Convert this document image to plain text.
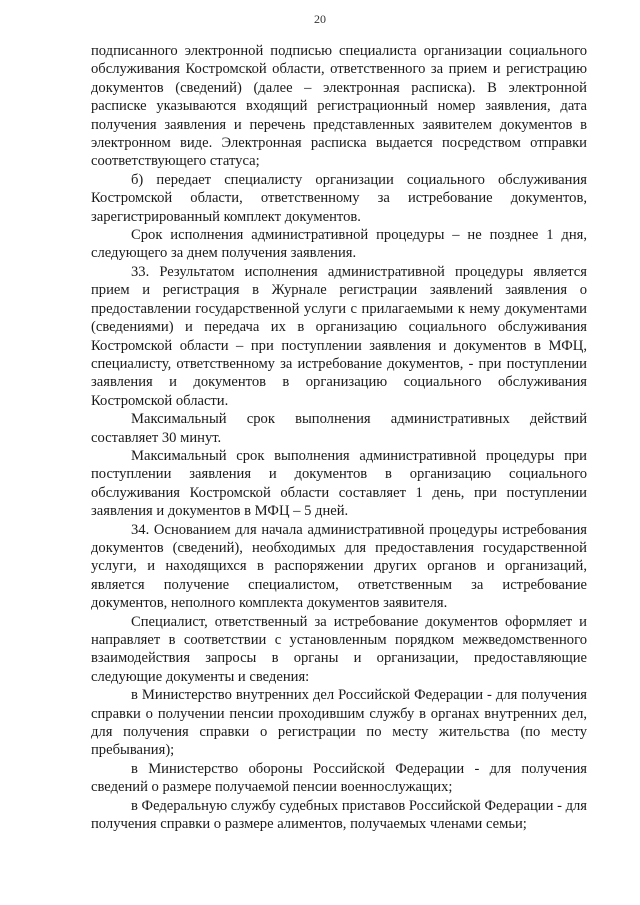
20

подписанного электронной подписью специалиста организации социального обслуживания Костромской области, ответственного за прием и регистрацию документов (сведений) (далее – электронная расписка). В электронной расписке указываются входящий регистрационный номер заявления, дата получения заявления и перечень представленных заявителем документов в электронном виде. Электронная расписка выдается посредством отправки соответствующего статуса;

б) передает специалисту организации социального обслуживания Костромской области, ответственному за истребование документов, зарегистрированный комплект документов.

Срок исполнения административной процедуры – не позднее 1 дня, следующего за днем получения заявления.

33. Результатом исполнения административной процедуры является прием и регистрация в Журнале регистрации заявлений заявления о предоставлении государственной услуги с прилагаемыми к нему документами (сведениями) и передача их в организацию социального обслуживания Костромской области – при поступлении заявления и документов в МФЦ, специалисту, ответственному за истребование документов, - при поступлении заявления и документов в организацию социального обслуживания Костромской области.

Максимальный срок выполнения административных действий составляет 30 минут.

Максимальный срок выполнения административной процедуры при поступлении заявления и документов в организацию социального обслуживания Костромской области составляет 1 день, при поступлении заявления и документов в МФЦ – 5 дней.

34. Основанием для начала административной процедуры истребования документов (сведений), необходимых для предоставления государственной услуги, и находящихся в распоряжении других органов и организаций, является получение специалистом, ответственным за истребование документов, неполного комплекта документов заявителя.

Специалист, ответственный за истребование документов оформляет и направляет в соответствии с установленным порядком межведомственного взаимодействия запросы в органы и организации, предоставляющие следующие документы и сведения:

в Министерство внутренних дел Российской Федерации - для получения справки о получении пенсии проходившим службу в органах внутренних дел, для получения справки о регистрации по месту жительства (по месту пребывания);

в Министерство обороны Российской Федерации - для получения сведений о размере получаемой пенсии военнослужащих;

в Федеральную службу судебных приставов Российской Федерации - для получения справки о размере алиментов, получаемых членами семьи;
